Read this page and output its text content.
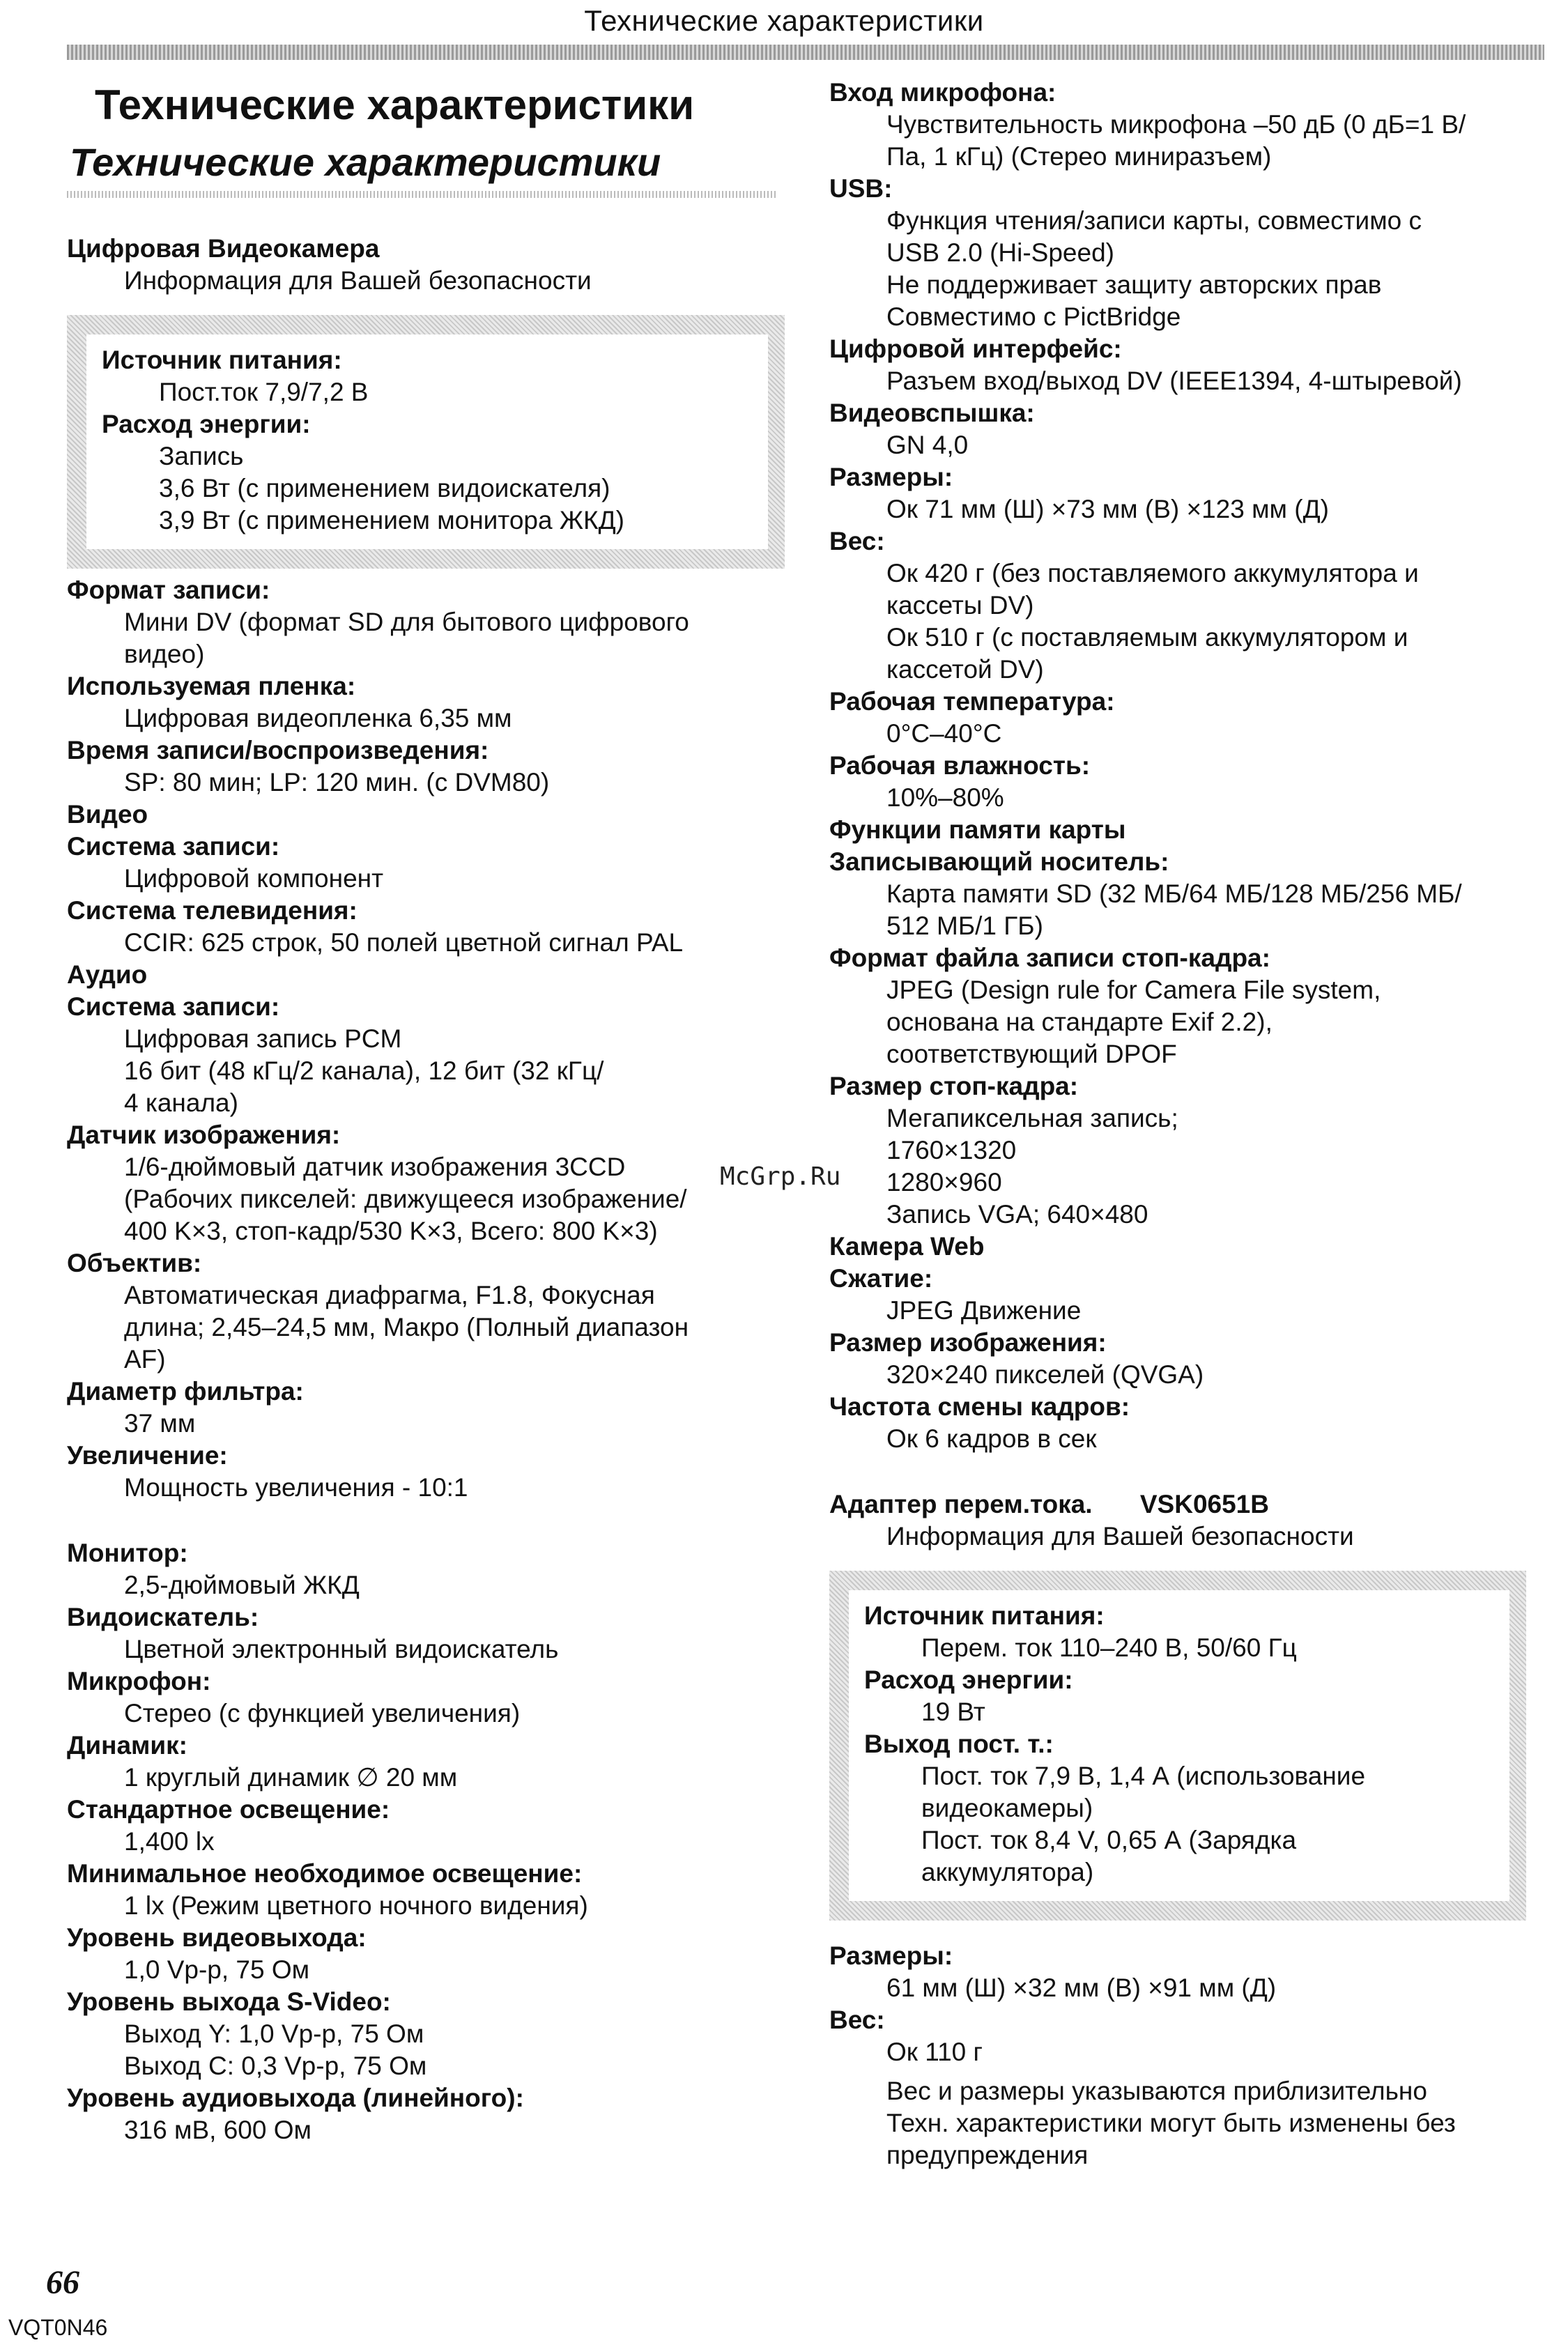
Технические характеристики
Технические характеристики
Технические характеристики
Цифровая Видеокамера
Информация для Вашей безопасности
Источник питания:
Пост.ток 7,9/7,2 B
Расход энергии:
Запись
3,6 Вт (с применением видоискателя)
3,9 Вт (с применением монитора ЖКД)
Формат записи:
Мини DV (формат SD для бытового цифрового
видео)
Используемая пленка:
Цифровая видеопленка 6,35 мм
Время записи/воспроизведения:
SP: 80 мин; LP: 120 мин. (с DVM80)
Видео
Система записи:
Цифровой компонент
Система телевидения:
CCIR: 625 строк, 50 полей цветной сигнал PAL
Аудио
Система записи:
Цифровая запись PCM
16 бит (48 кГц/2 канала), 12 бит (32 кГц/
4 канала)
Датчик изображения:
1/6-дюймовый датчик изображения 3CCD
(Рабочих пикселей: движущееся изображение/
400 K×3, стоп-кадр/530 K×3, Всего: 800 K×3)
Объектив:
Автоматическая диафрагма, F1.8, Фокусная
длина; 2,45–24,5 мм, Макро (Полный диапазон
AF)
Диаметр фильтра:
37 мм
Увеличение:
Мощность увеличения - 10:1
Монитор:
2,5-дюймовый ЖКД
Видоискатель:
Цветной электронный видоискатель
Микрофон:
Стерео (с функцией увеличения)
Динамик:
1 круглый динамик ∅ 20 мм
Стандартное освещение:
1,400 lx
Минимальное необходимое освещение:
1 lx (Режим цветного ночного видения)
Уровень видеовыхода:
1,0 Vp-p, 75 Ом
Уровень выхода S-Video:
Выход Y: 1,0 Vp-p, 75 Ом
Выход С: 0,3 Vp-p, 75 Ом
Уровень аудиовыхода (линейного):
316 мВ, 600 Ом
Вход микрофона:
Чувствительность микрофона –50 дБ (0 дБ=1 В/
Па, 1 кГц) (Стерео миниразъем)
USB:
Функция чтения/записи карты, совместимо с
USB 2.0 (Hi-Speed)
Не поддерживает защиту авторских прав
Совместимо с PictBridge
Цифровой интерфейс:
Разъем вход/выход DV (IEEE1394, 4-штыревой)
Видеовспышка:
GN 4,0
Размеры:
Ок 71 мм (Ш) ×73 мм (В) ×123 мм (Д)
Вес:
Ок 420 г (без поставляемого аккумулятора и
кассеты DV)
Ок 510 г (с поставляемым аккумулятором и
кассетой DV)
Рабочая температура:
0°C–40°C
Рабочая влажность:
10%–80%
Функции памяти карты
Записывающий носитель:
Карта памяти SD (32 МБ/64 МБ/128 МБ/256 МБ/
512 МБ/1 ГБ)
Формат файла записи стоп-кадра:
JPEG (Design rule for Camera File system,
основана на стандарте Exif 2.2),
соответствующий DPOF
Размер стоп-кадра:
Мегапиксельная запись;
1760×1320
1280×960
Запись VGA; 640×480
Камера Web
Сжатие:
JPEG Движение
Размер изображения:
320×240 пикселей (QVGA)
Частота смены кадров:
Ок 6 кадров в сек
Адаптер перем.тока. VSK0651B
Информация для Вашей безопасности
Источник питания:
Перем. ток 110–240 В, 50/60 Гц
Расход энергии:
19 Вт
Выход пост. т.:
Пост. ток 7,9 В, 1,4 А (использование
видеокамеры)
Пост. ток 8,4 V, 0,65 А (Зарядка
аккумулятора)
Размеры:
61 мм (Ш) ×32 мм (В) ×91 мм (Д)
Вес:
Ок 110 г
Вес и размеры указываются приблизительно
Техн. характеристики могут быть изменены без
предупреждения
McGrp.Ru
66
VQT0N46
